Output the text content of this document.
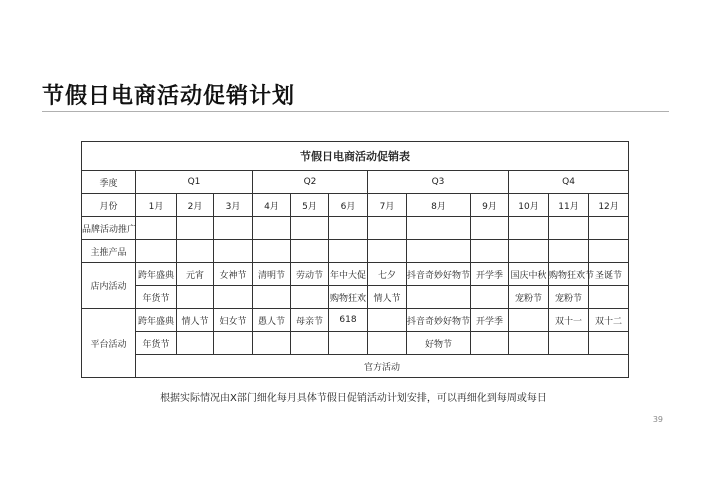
节假日电商活动促销计划
节假日电商活动促销表												
季度	Q1			Q2			Q3			Q4		
月份	1月	2月	3月	4月	5月	6月	7月	8月	9月	10月	11月	12月
品牌活动推广												
主推产品												
店内活动	跨年盛典	元宵	女神节	清明节	劳动节	年中大促	七夕	抖音奇妙好物节	开学季	国庆中秋	购物狂欢节	圣诞节
	年货节					购物狂欢	情人节			宠粉节	宠粉节	
平台活动	跨年盛典	情人节	妇女节	愚人节	母亲节	618		抖音奇妙好物节	开学季		双十一	双十二
	年货节							好物节				
	官方活动											
根据实际情况由X部门细化每月具体节假日促销活动计划安排，可以再细化到每周或每日
39
